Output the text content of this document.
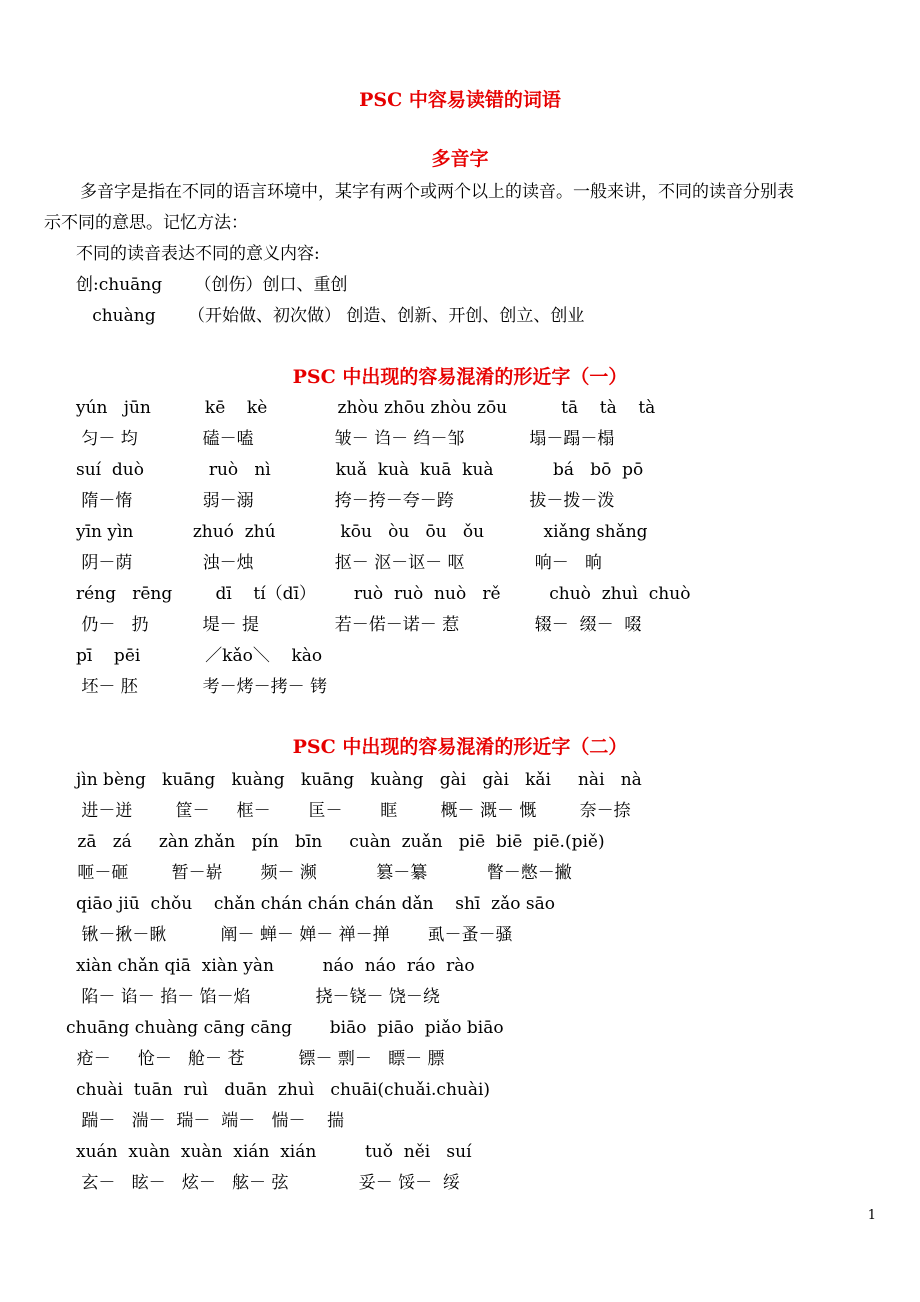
PSC 中容易读错的词语
多音字
多音字是指在不同的语言环境中，某字有两个或两个以上的读音。一般来讲，不同的读音分别表
示不同的意思。记忆方法：
不同的读音表达不同的意义内容:
创:chuāng      （创伤）创口、重创
chuàng      （开始做、初次做） 创造、创新、开创、创立、创业
PSC 中出现的容易混淆的形近字（一）
yún   jūn          kē    kè             zhòu zhōu zhòu zōu          tā    tà    tà
匀－ 均            磕－嗑               皱－ 诌－ 绉－邹            塌－蹋－榻
suí  duò            ruò   nì            kuǎ  kuà  kuā  kuà           bá   bō  pō
隋－惰             弱－溺               挎－挎－夸－跨              拔－拨－泼
yīn yìn           zhuó  zhú            kōu   òu   ōu   ǒu           xiǎng shǎng
阴－荫             浊－烛               抠－ 沤－讴－ 呕             响－   晌
réng   rēng        dī    tí（dī）       ruò  ruò  nuò   rě         chuò  zhuì  chuò
仍－   扔          堤－ 提              若－偌－诺－ 惹              辍－  缀－  啜
pī    pēi            ／kǎo＼    kào
坯－ 胚            考－烤－拷－ 铐
PSC 中出现的容易混淆的形近字（二）
jìn bèng   kuāng   kuàng   kuāng   kuàng   gài   gài   kǎi     nài   nà
进－迸        筐－     框－       匡－       眶        概－ 溉－ 慨        奈－捺
zā   zá     zàn zhǎn   pín   bīn     cuàn  zuǎn   piē  biē  piē.(piě)
咂－砸        暂－崭       频－ 濒           篡－纂           瞥－憋－撇
qiāo jiū  chǒu    chǎn chán chán chán dǎn    shī  zǎo sāo
锹－揪－瞅          阐－ 蝉－ 婵－ 禅－掸       虱－蚤－骚
xiàn chǎn qiā  xiàn yàn         náo  náo  ráo  rào
陷－ 谄－ 掐－ 馅－焰            挠－铙－ 饶－绕
chuāng chuàng cāng cāng       biāo  piāo  piǎo biāo
疮－     怆－   舱－ 苍          镖－ 剽－   瞟－ 膘
chuài  tuān  ruì   duān  zhuì   chuāi(chuǎi.chuài)
踹－   湍－  瑞－  端－   惴－    揣
xuán  xuàn  xuàn  xián  xián         tuǒ  něi   suí
玄－   眩－   炫－   舷－ 弦             妥－ 馁－  绥
1
